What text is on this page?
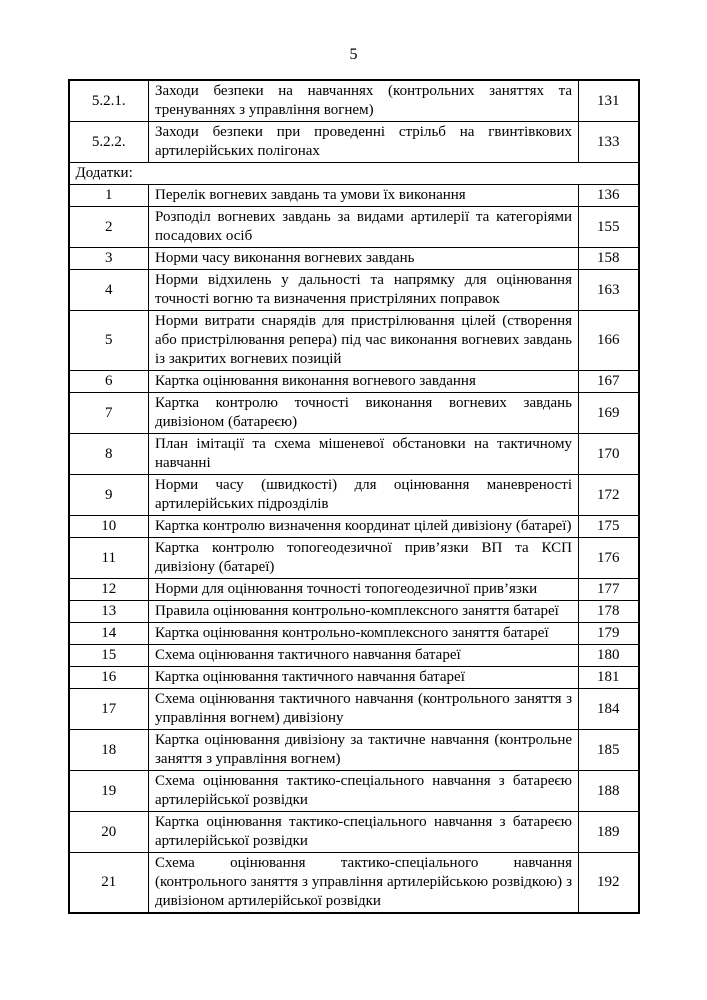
5
5.2.1.	Заходи безпеки на навчаннях (контрольних заняттях та тренуваннях з управління вогнем)	131
5.2.2.	Заходи безпеки при проведенні стрільб на гвинтівкових артилерійських полігонах	133
Додатки:		
1	Перелік вогневих завдань та умови їх виконання	136
2	Розподіл вогневих завдань за видами артилерії та категоріями посадових осіб	155
3	Норми часу виконання вогневих завдань	158
4	Норми відхилень у дальності та напрямку для оцінювання точності вогню та визначення пристріляних поправок	163
5	Норми витрати снарядів для пристрілювання цілей (створення або пристрілювання репера) під час виконання вогневих завдань із закритих вогневих позицій	166
6	Картка оцінювання виконання вогневого завдання	167
7	Картка контролю точності виконання вогневих завдань дивізіоном (батареєю)	169
8	План імітації та схема мішеневої обстановки на тактичному навчанні	170
9	Норми часу (швидкості) для оцінювання маневреності артилерійських підрозділів	172
10	Картка контролю визначення координат цілей дивізіону (батареї)	175
11	Картка контролю топогеодезичної прив’язки ВП та КСП дивізіону (батареї)	176
12	Норми для оцінювання точності топогеодезичної прив’язки	177
13	Правила оцінювання контрольно-комплексного заняття батареї	178
14	Картка оцінювання контрольно-комплексного заняття батареї	179
15	Схема оцінювання тактичного навчання батареї	180
16	Картка оцінювання тактичного навчання батареї	181
17	Схема оцінювання тактичного навчання (контрольного заняття з управління вогнем) дивізіону	184
18	Картка оцінювання дивізіону за тактичне навчання (контрольне заняття з управління вогнем)	185
19	Схема оцінювання тактико-спеціального навчання з батареєю артилерійської розвідки	188
20	Картка оцінювання тактико-спеціального навчання з батареєю артилерійської розвідки	189
21	Схема оцінювання тактико-спеціального навчання (контрольного заняття з управління артилерійською розвідкою) з дивізіоном артилерійської розвідки	192
